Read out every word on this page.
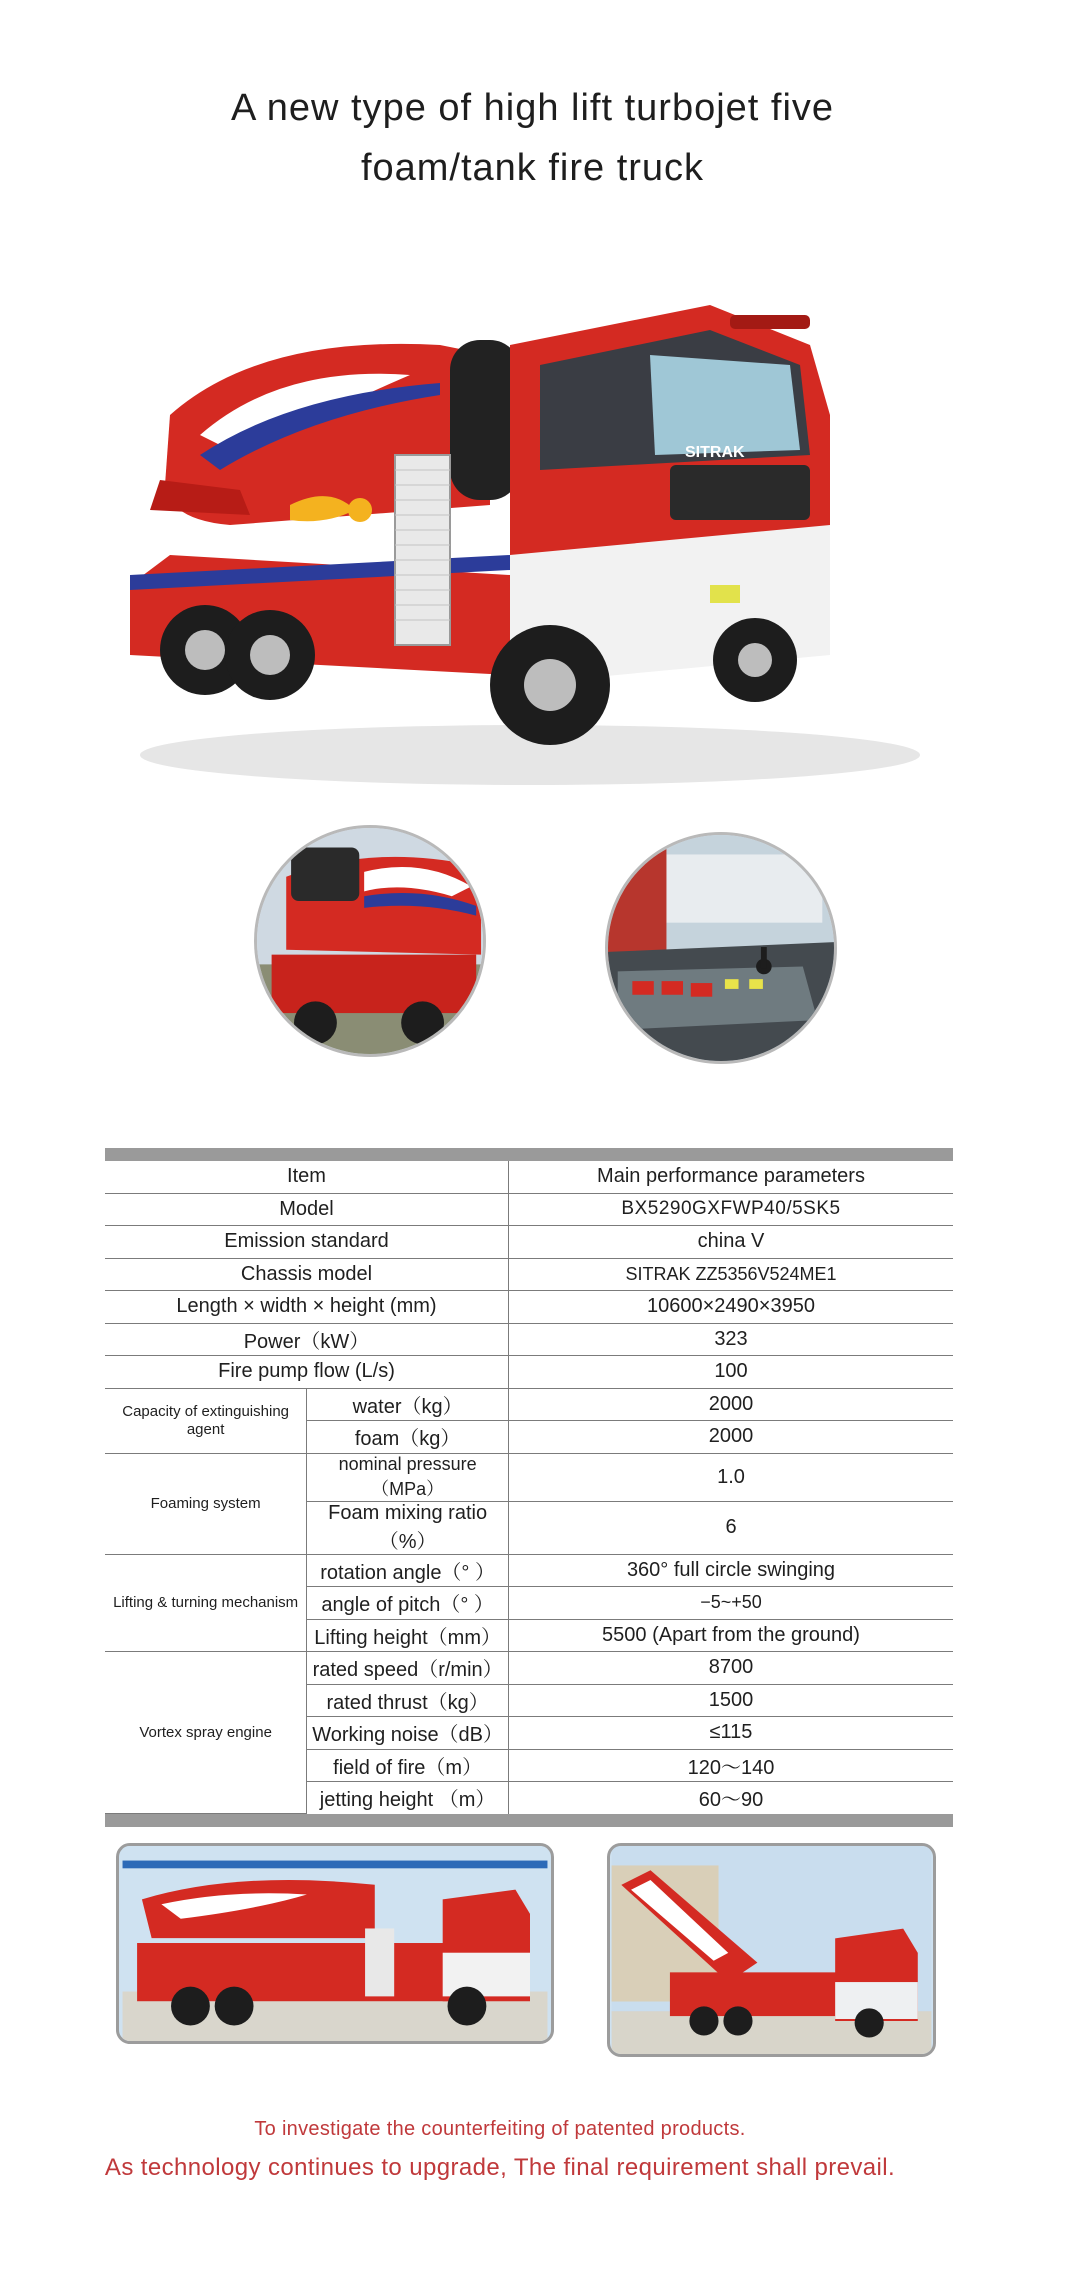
A new type of high lift turbojet five
foam/tank fire truck
SITRAK
Item		Main performance parameters
Model		BX5290GXFWP40/5SK5
Emission standard		china V
Chassis model		SITRAK ZZ5356V524ME1
Length × width × height (mm)		10600×2490×3950
Power（kW）		323
Fire pump flow (L/s)		100
Capacity of extinguishing agent	water（kg）	2000
	foam（kg）	2000
Foaming system	nominal pressure（MPa）	1.0
	Foam mixing ratio（%）	6
Lifting & turning mechanism	rotation angle（° ）	360° full circle swinging
	angle of pitch（° ）	−5~+50
	Lifting height（mm）	5500 (Apart from the ground)
Vortex spray engine	rated speed（r/min）	8700
	rated thrust（kg）	1500
	Working noise（dB）	≤115
	field of fire（m）	120～140
	jetting height （m）	60～90
To investigate the counterfeiting of patented products.
As technology continues to upgrade, The final requirement shall prevail.
